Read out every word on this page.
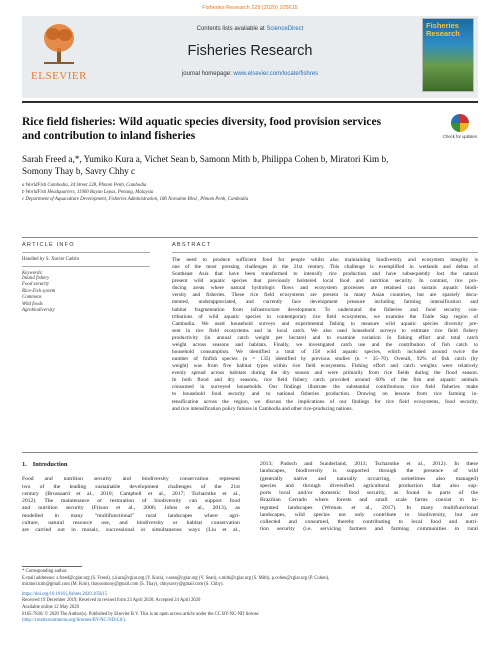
Fisheries Research 229 (2020) 105615
ELSEVIER
Contents lists available at ScienceDirect
Fisheries Research
journal homepage: www.elsevier.com/locate/fishres
Fisheries Research
Rice field fisheries: Wild aquatic species diversity, food provision services and contribution to inland fisheries	Check for updates
Sarah Freed a,*, Yumiko Kura a, Vichet Sean b, Samonn Mith b, Philippa Cohen b, Miratori Kim b,
Somony Thay b, Savry Chhy c
a WorldFish Cambodia, 34 Street 228, Phnom Penh, Cambodia
b WorldFish Headquarters, 11960 Bayan Lepas, Penang, Malaysia
c Department of Aquaculture Development, Fisheries Administration, 186 Norodom Blvd., Phnom Penh, Cambodia
ARTICLE INFO
Handled by S. Xavier Cadrin
Keywords:
Inland fishery
Food security
Rice-Fish system
Commons
Wild foods
Agrobiodiversity
ABSTRACT
The need to produce sufficient food for people whilst also maintaining biodiversity and ecosystem integrity is
one of the most pressing challenges in the 21st century. This challenge is exemplified in wetlands and deltas of
Southeast Asia that have been transformed to intensify rice production and have subsequently lost the natural
present wild aquatic species that previously bolstered local food and nutrition security. In contrast, rice pro-
ducing areas where natural hydrologic flows and ecosystem processes are retained can sustain aquatic biodi-
versity and fisheries. These rice field ecosystems are present in many Asian countries, but are sparsely docu-
mented, underappreciated, and currently face development pressure including farming intensification and
habitat fragmentation from infrastructure development. To understand the fisheries and food security con-
tributions of wild aquatic species in contemporary rice field ecosystems, we examine the Tonle Sap region of
Cambodia. We used household surveys and experimental fishing to measure wild aquatic species diversity pre-
sent in rice field ecosystems and in local catch. We also used household surveys to estimate rice field fishery
productivity (in annual catch weight per hectare) and to examine variation in fishing effort and total catch
weight across seasons and habitats. Finally, we investigated catch use and the contribution of fish catch to
household consumption. We identified a total of 158 wild aquatic species, which included around twice the
number of finfish species (n = 135) identified by previous studies (n = 35–70). Overall, 92% of fish catch (by
weight) was from five habitat types within rice field ecosystems. Fishing effort and catch weights were relatively
evenly spread across habitats during the dry season and were primarily from rice fields during the flood season.
In both flood and dry seasons, rice field fishery catch provided around 60% of the fish and aquatic animals
consumed in surveyed households. Our findings illustrate the substantial contributions rice field fisheries make
to household food security and to national fisheries production. Drawing on lessons from rice farming in-
tensification across the region, we discuss the implications of our findings for rice field ecosystems, food security,
and rice intensification policy futures in Cambodia and other rice-producing nations.
1. Introduction
Food and nutrition security and biodiversity conservation represent
two of the leading sustainable development challenges of the 21st
century (Brussaard et al., 2010; Campbell et al., 2017; Tscharntke et al.,
2012). The maintenance or restoration of biodiversity can support food
and nutrition security (Frison et al., 2006; Johns et al., 2013), as
modelled in many "multifunctional" rural landscapes where agri-
culture, natural resource use, and biodiversity or habitat conservation
are carried out in mosaic, successional or simultaneous ways (Liu et al.,
2013; Padoch and Sunderland, 2013; Tscharntke et al., 2012). In these
landscapes, biodiversity is supported through the presence of wild
(generally native and naturally occurring, sometimes also managed)
species and through diversified agricultural production that also sup-
ports local and/or domestic food security, as found in parts of the
Brazilian Cerrado where forests and small scale farms coexist in in-
tegrated landscapes (Wrenan et al., 2017). In many multifunctional
landscapes, wild species not only contribute to biodiversity, but are
collected and consumed, thereby contributing to local food and nutri-
tion security (i.e. servicing farmers and farming communities in rural
* Corresponding author.
E-mail addresses: s.freed@cgiar.org (S. Freed), y.kura@cgiar.org (Y. Kura), v.sean@cgiar.org (V. Sean), s.mith@cgiar.org (S. Mith), p.cohen@cgiar.org (P. Cohen),
miratori.kim@gmail.com (M. Kim), thaysomony@gmail.com (S. Thay), chhysavry@gmail.com (S. Chhy).
https://doi.org/10.1016/j.fishres.2020.105615
Received 19 December 2019; Received in revised form 23 April 2020; Accepted 24 April 2020
Available online 12 May 2020
0165-7836/ © 2020 The Author(s). Published by Elsevier B.V. This is an open access article under the CC BY-NC-ND license
(http://creativecommons.org/licenses/BY-NC-ND/4.0/).
